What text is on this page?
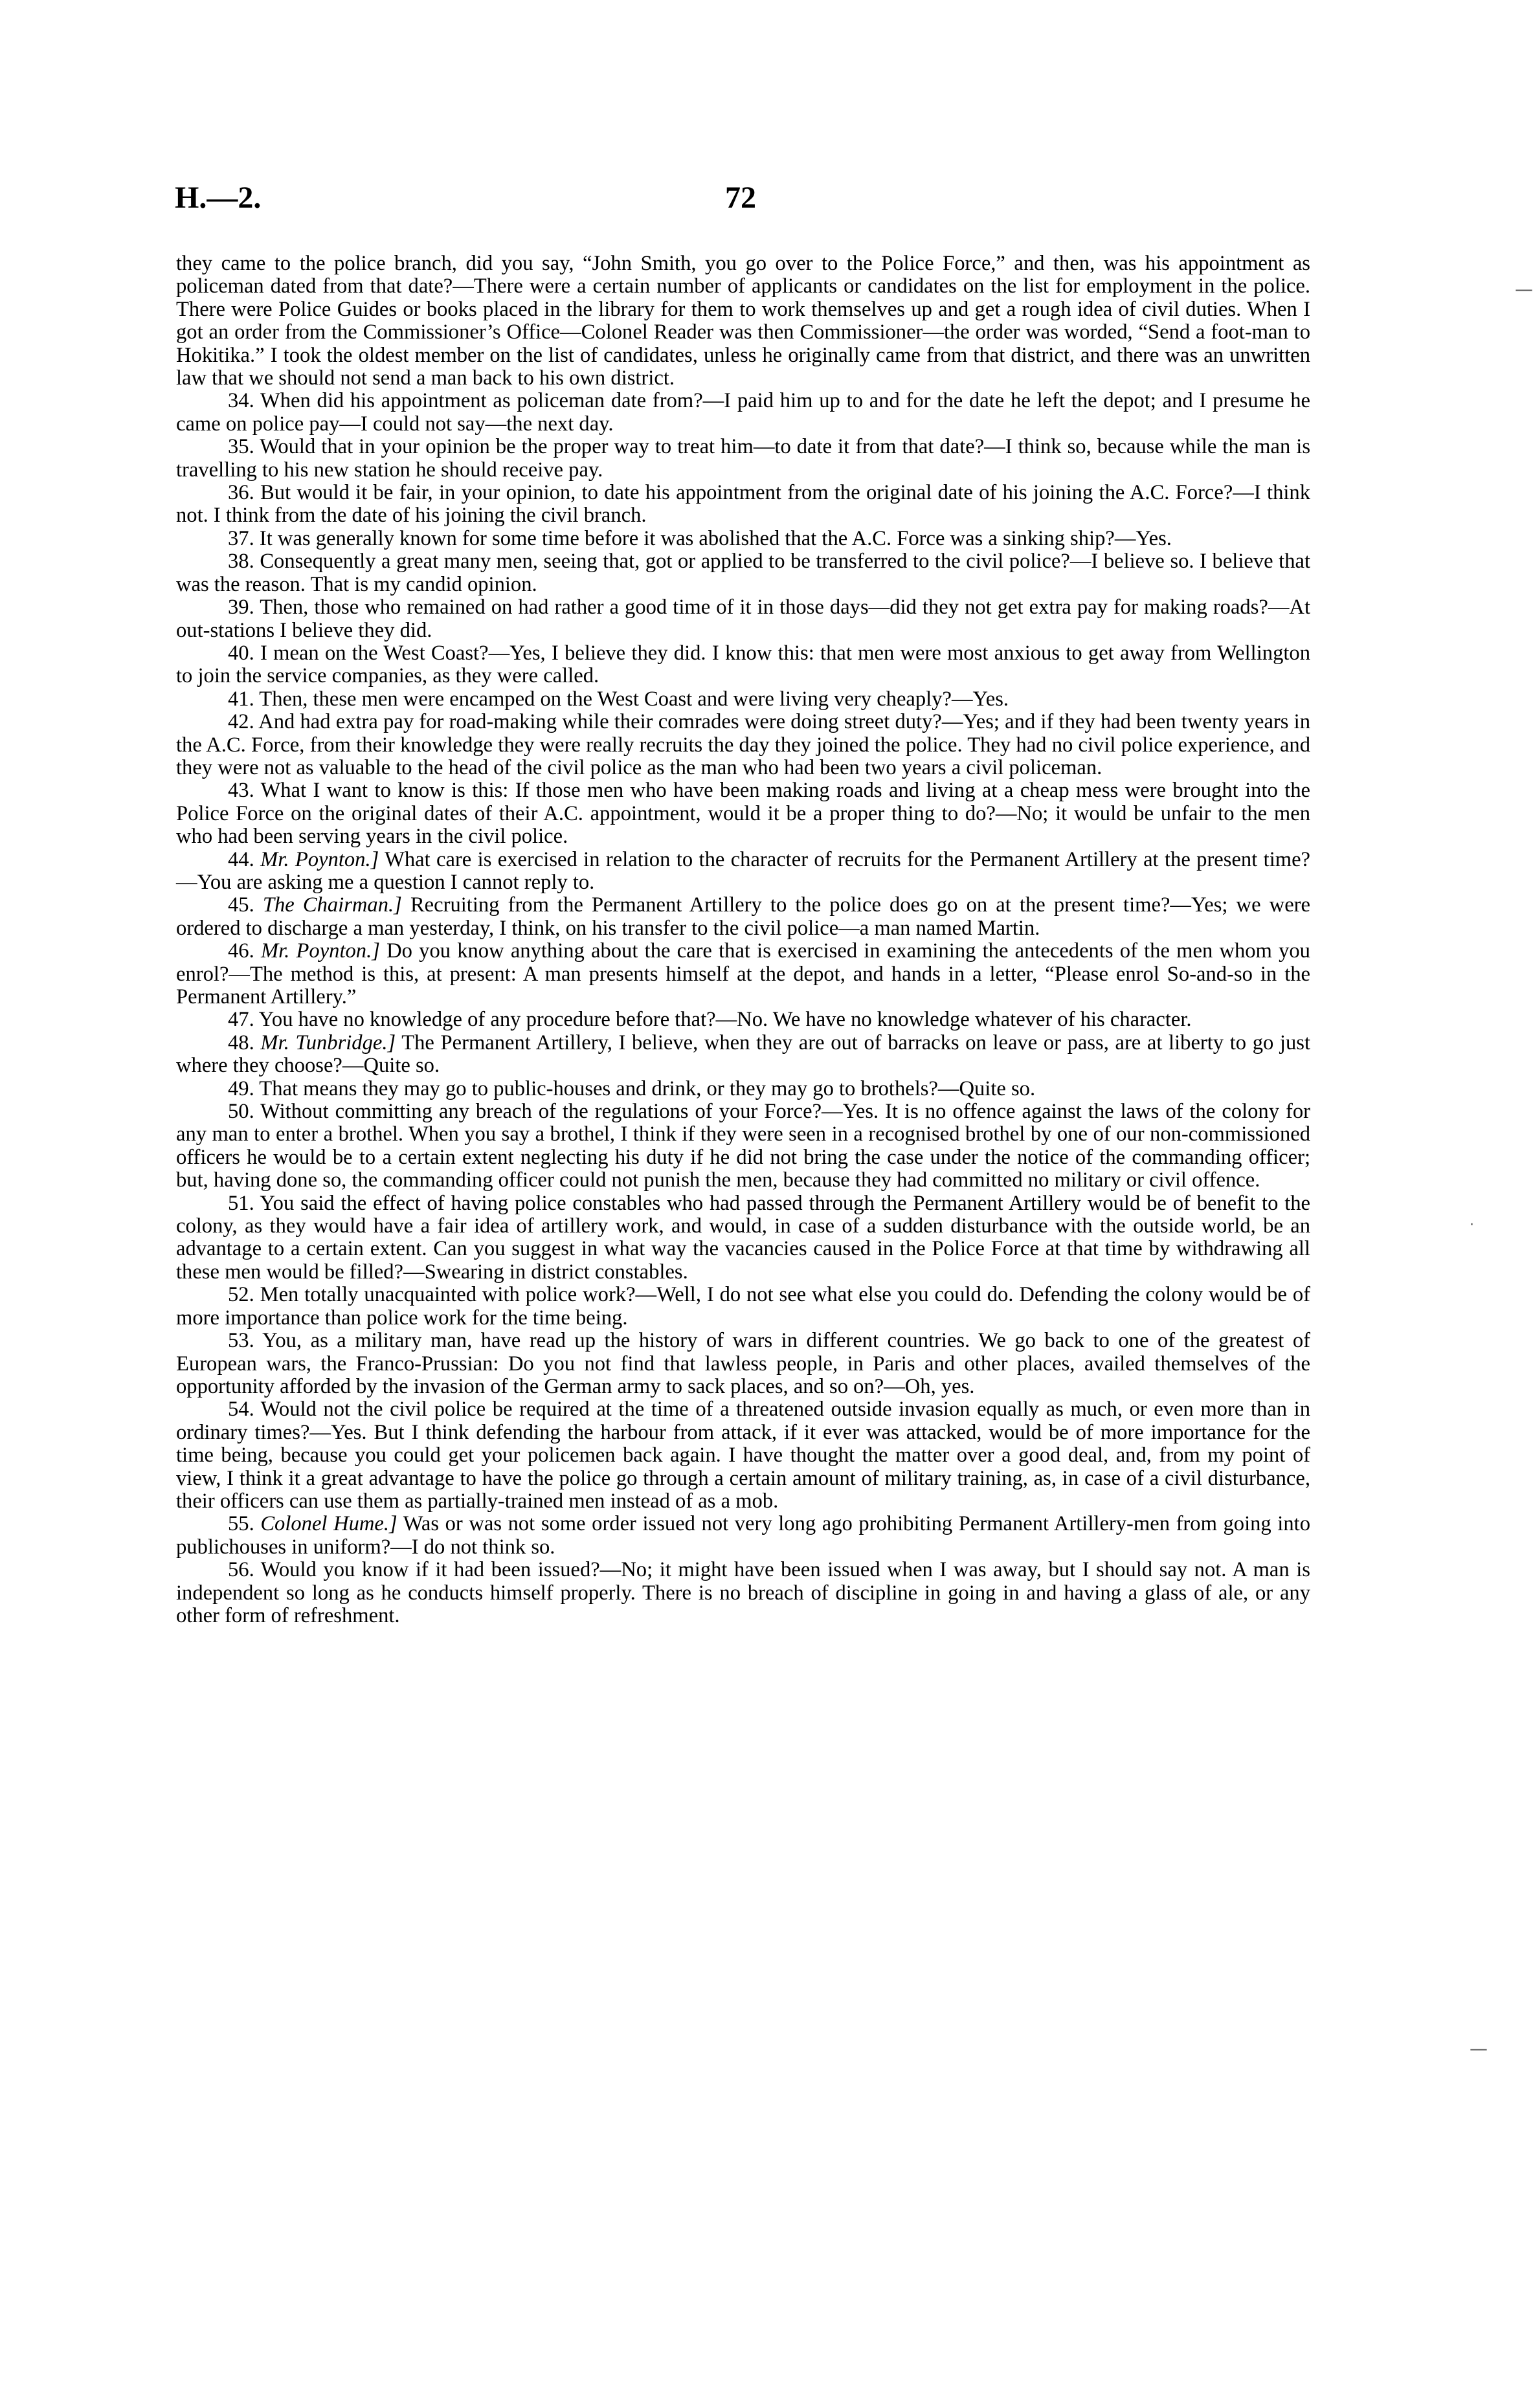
H.—2.	72

they came to the police branch, did you say, “John Smith, you go over to the Police Force,” and then, was his appointment as policeman dated from that date?—There were a certain number of applicants or candidates on the list for employment in the police. There were Police Guides or books placed in the library for them to work themselves up and get a rough idea of civil duties. When I got an order from the Commissioner’s Office—Colonel Reader was then Commissioner—the order was worded, “Send a foot-man to Hokitika.” I took the oldest member on the list of candidates, unless he originally came from that district, and there was an unwritten law that we should not send a man back to his own district.

34. When did his appointment as policeman date from?—I paid him up to and for the date he left the depot; and I presume he came on police pay—I could not say—the next day.

35. Would that in your opinion be the proper way to treat him—to date it from that date?—I think so, because while the man is travelling to his new station he should receive pay.

36. But would it be fair, in your opinion, to date his appointment from the original date of his joining the A.C. Force?—I think not. I think from the date of his joining the civil branch.

37. It was generally known for some time before it was abolished that the A.C. Force was a sinking ship?—Yes.

38. Consequently a great many men, seeing that, got or applied to be transferred to the civil police?—I believe so. I believe that was the reason. That is my candid opinion.

39. Then, those who remained on had rather a good time of it in those days—did they not get extra pay for making roads?—At out-stations I believe they did.

40. I mean on the West Coast?—Yes, I believe they did. I know this: that men were most anxious to get away from Wellington to join the service companies, as they were called.

41. Then, these men were encamped on the West Coast and were living very cheaply?—Yes.

42. And had extra pay for road-making while their comrades were doing street duty?—Yes; and if they had been twenty years in the A.C. Force, from their knowledge they were really recruits the day they joined the police. They had no civil police experience, and they were not as valuable to the head of the civil police as the man who had been two years a civil policeman.

43. What I want to know is this: If those men who have been making roads and living at a cheap mess were brought into the Police Force on the original dates of their A.C. appointment, would it be a proper thing to do?—No; it would be unfair to the men who had been serving years in the civil police.

44. Mr. Poynton.] What care is exercised in relation to the character of recruits for the Permanent Artillery at the present time?—You are asking me a question I cannot reply to.

45. The Chairman.] Recruiting from the Permanent Artillery to the police does go on at the present time?—Yes; we were ordered to discharge a man yesterday, I think, on his transfer to the civil police—a man named Martin.

46. Mr. Poynton.] Do you know anything about the care that is exercised in examining the antecedents of the men whom you enrol?—The method is this, at present: A man presents himself at the depot, and hands in a letter, “Please enrol So-and-so in the Permanent Artillery.”

47. You have no knowledge of any procedure before that?—No. We have no knowledge whatever of his character.

48. Mr. Tunbridge.] The Permanent Artillery, I believe, when they are out of barracks on leave or pass, are at liberty to go just where they choose?—Quite so.

49. That means they may go to public-houses and drink, or they may go to brothels?—Quite so.

50. Without committing any breach of the regulations of your Force?—Yes. It is no offence against the laws of the colony for any man to enter a brothel. When you say a brothel, I think if they were seen in a recognised brothel by one of our non-commissioned officers he would be to a certain extent neglecting his duty if he did not bring the case under the notice of the commanding officer; but, having done so, the commanding officer could not punish the men, because they had committed no military or civil offence.

51. You said the effect of having police constables who had passed through the Permanent Artillery would be of benefit to the colony, as they would have a fair idea of artillery work, and would, in case of a sudden disturbance with the outside world, be an advantage to a certain extent. Can you suggest in what way the vacancies caused in the Police Force at that time by withdrawing all these men would be filled?—Swearing in district constables.

52. Men totally unacquainted with police work?—Well, I do not see what else you could do. Defending the colony would be of more importance than police work for the time being.

53. You, as a military man, have read up the history of wars in different countries. We go back to one of the greatest of European wars, the Franco-Prussian: Do you not find that lawless people, in Paris and other places, availed themselves of the opportunity afforded by the invasion of the German army to sack places, and so on?—Oh, yes.

54. Would not the civil police be required at the time of a threatened outside invasion equally as much, or even more than in ordinary times?—Yes. But I think defending the harbour from attack, if it ever was attacked, would be of more importance for the time being, because you could get your policemen back again. I have thought the matter over a good deal, and, from my point of view, I think it a great advantage to have the police go through a certain amount of military training, as, in case of a civil disturbance, their officers can use them as partially-trained men instead of as a mob.

55. Colonel Hume.] Was or was not some order issued not very long ago prohibiting Permanent Artillery-men from going into publichouses in uniform?—I do not think so.

56. Would you know if it had been issued?—No; it might have been issued when I was away, but I should say not. A man is independent so long as he conducts himself properly. There is no breach of discipline in going in and having a glass of ale, or any other form of refreshment.

—
·
—
